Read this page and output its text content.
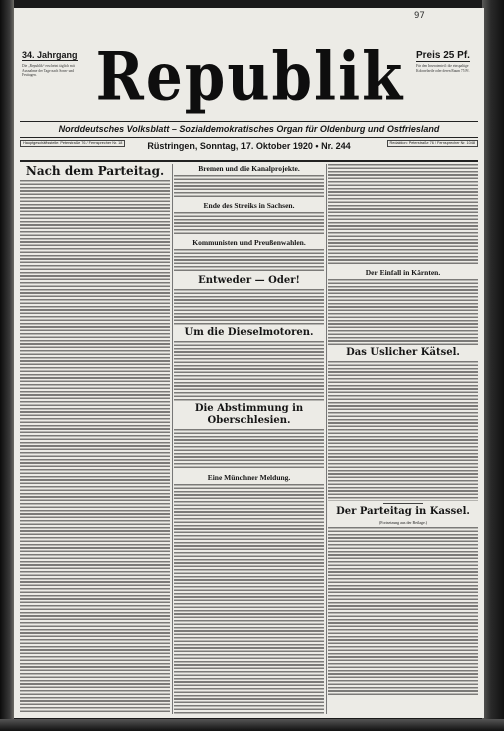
97
34. Jahrgang
Die „Republik“ erscheint täglich mit Ausnahme der Tage nach Sonn- und Festtagen.	Republik	Preis 25 Pf.
Für den Inseratenteil: die einspaltige Kolonelzeile oder deren Raum 75 Pf.
Norddeutsches Volksblatt – Sozialdemokratisches Organ für Oldenburg und Ostfriesland
Hauptgeschäftsstelle: Peterstraße 76 / Fernsprecher Nr. 18	Rüstringen, Sonntag, 17. Oktober 1920 • Nr. 244	Redaktion: Peterstraße 76 / Fernsprecher Nr. 1048
Nach dem Parteitag.	Bremen und die Kanalprojekte.
Ende des Streiks in Sachsen.
Kommunisten und Preußenwahlen.
Entweder — Oder!
Um die Dieselmotoren.
Die Abstimmung in Oberschlesien.
Eine Münchner Meldung.
Der Einfall in Kärnten.
Das Uslicher Kätsel.
Der Parteitag in Kassel.
(Fortsetzung aus der Beilage.)
